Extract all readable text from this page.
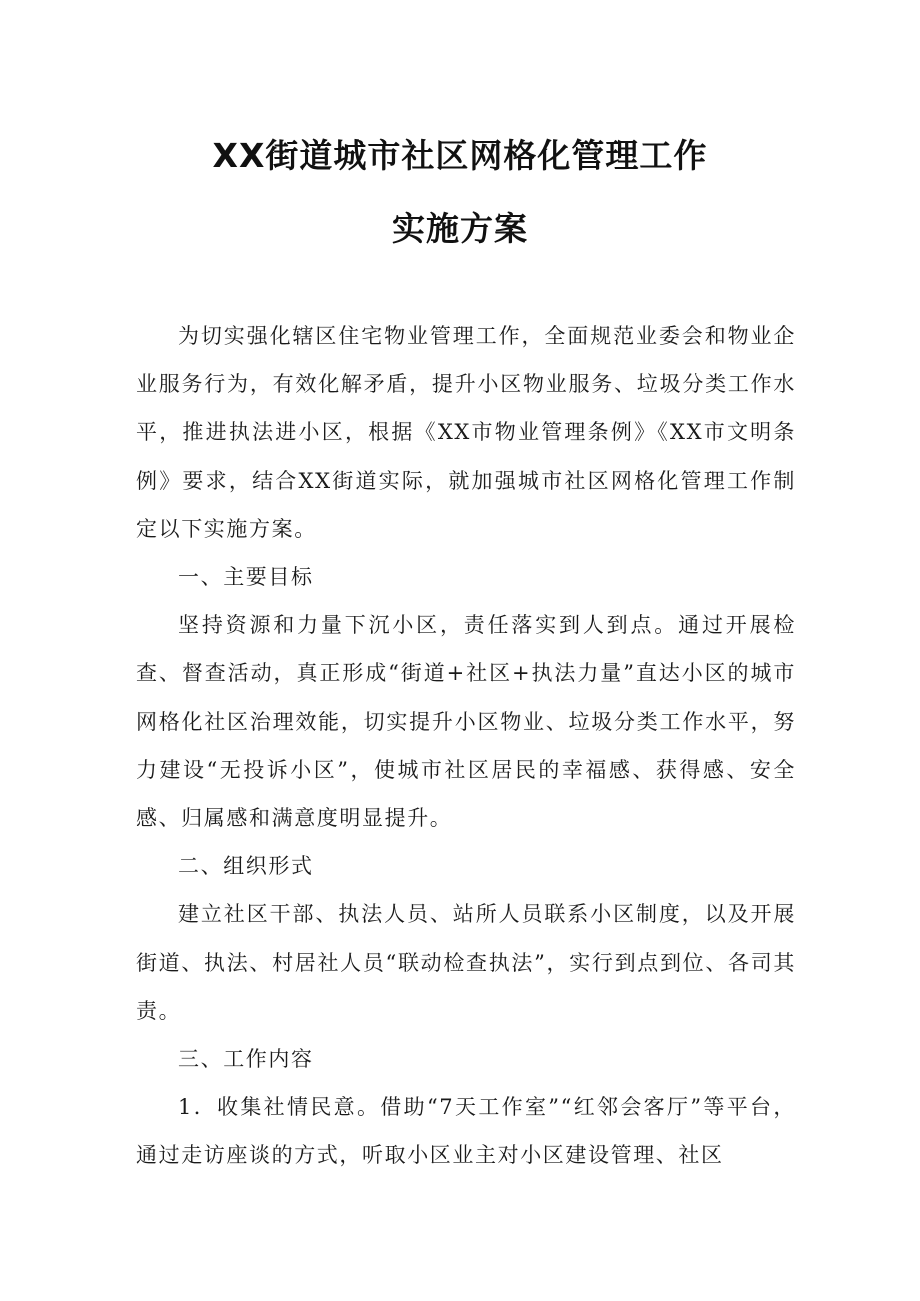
XX街道城市社区网格化管理工作
实施方案

为切实强化辖区住宅物业管理工作，全面规范业委会和物业企业服务行为，有效化解矛盾，提升小区物业服务、垃圾分类工作水平，推进执法进小区，根据《XX市物业管理条例》《XX市文明条例》要求，结合XX街道实际，就加强城市社区网格化管理工作制定以下实施方案。

一、主要目标

坚持资源和力量下沉小区，责任落实到人到点。通过开展检查、督查活动，真正形成“街道+社区+执法力量”直达小区的城市网格化社区治理效能，切实提升小区物业、垃圾分类工作水平，努力建设“无投诉小区”，使城市社区居民的幸福感、获得感、安全感、归属感和满意度明显提升。

二、组织形式

建立社区干部、执法人员、站所人员联系小区制度，以及开展街道、执法、村居社人员“联动检查执法”，实行到点到位、各司其责。

三、工作内容

1．收集社情民意。借助“7天工作室”“红邻会客厅”等平台，通过走访座谈的方式，听取小区业主对小区建设管理、社区
